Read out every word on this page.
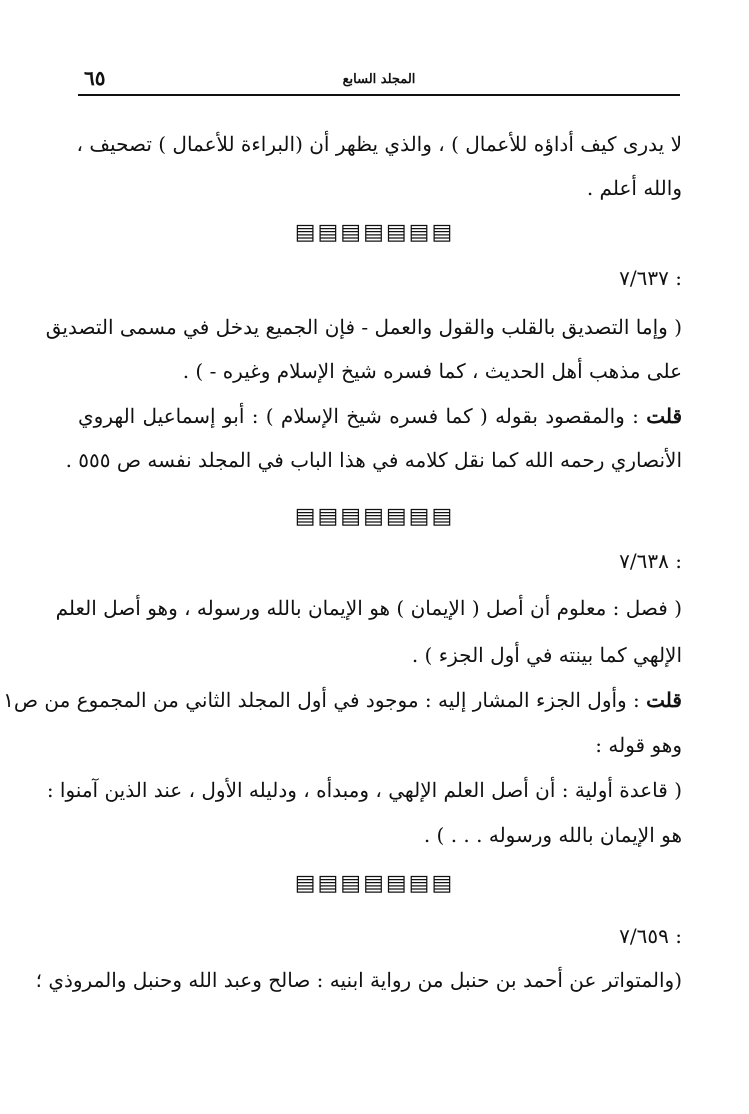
٦٥	المجلد السابع
لا يدرى كيف أداؤه للأعمال ) ، والذي يظهر أن (البراءة للأعمال ) تصحيف ،
والله أعلم .
▤▤▤▤▤▤▤
: ٧/٦٣٧
( وإما التصديق بالقلب والقول والعمل - فإن الجميع يدخل في مسمى التصديق
على مذهب أهل الحديث ، كما فسره شيخ الإسلام وغيره - ) .
قلت : والمقصود بقوله ( كما فسره شيخ الإسلام ) : أبو إسماعيل الهروي
الأنصاري رحمه الله كما نقل كلامه في هذا الباب في المجلد نفسه ص ٥٥٥ .
▤▤▤▤▤▤▤
: ٧/٦٣٨
( فصل : معلوم أن أصل ( الإيمان ) هو الإيمان بالله ورسوله ، وهو أصل العلم
الإلهي كما بينته في أول الجزء ) .
قلت : وأول الجزء المشار إليه : موجود في أول المجلد الثاني من المجموع من ص١
وهو قوله :
( قاعدة أولية : أن أصل العلم الإلهي ، ومبدأه ، ودليله الأول ، عند الذين آمنوا :
هو الإيمان بالله ورسوله . . . ) .
▤▤▤▤▤▤▤
: ٧/٦٥٩
(والمتواتر عن أحمد بن حنبل من رواية ابنيه : صالح وعبد الله وحنبل والمروذي ؛
